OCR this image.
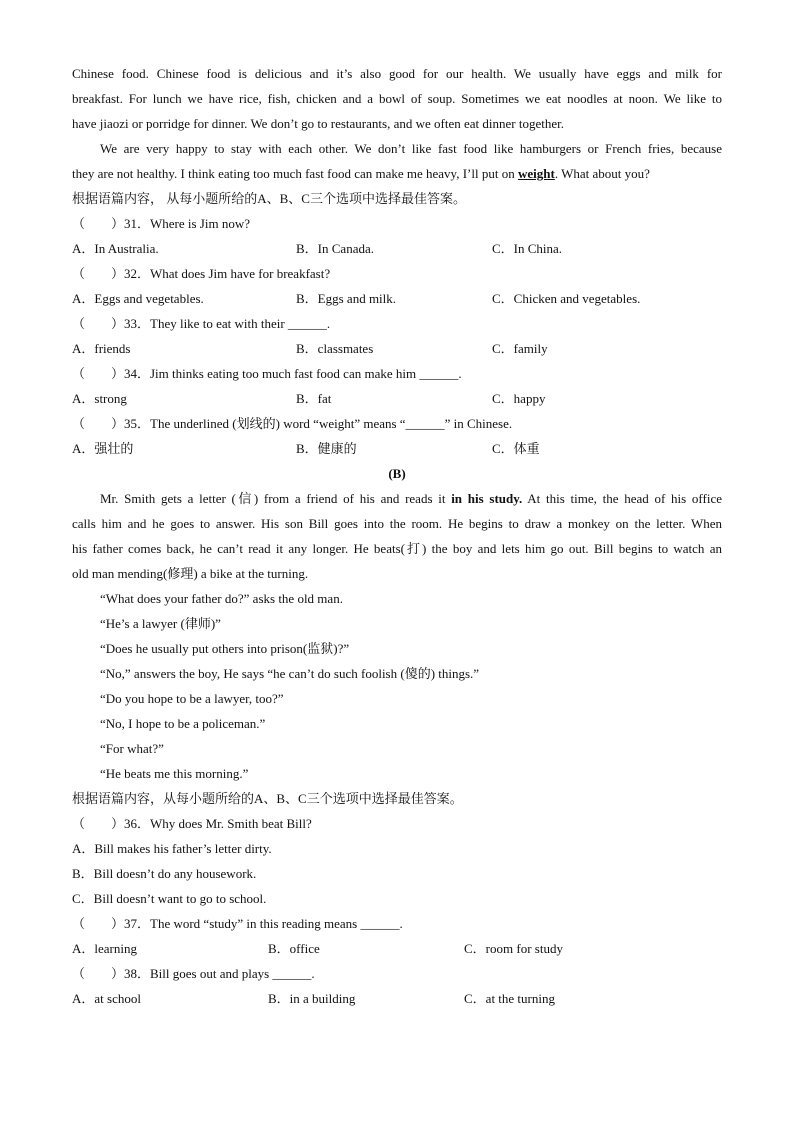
Chinese food. Chinese food is delicious and it’s also good for our health. We usually have eggs and milk for
breakfast. For lunch we have rice, fish, chicken and a bowl of soup. Sometimes we eat noodles at noon. We like to
have jiaozi or porridge for dinner. We don’t go to restaurants, and we often eat dinner together.
We are very happy to stay with each other. We don’t like fast food like hamburgers or French fries, because
they are not healthy. I think eating too much fast food can make me heavy, I’ll put on weight. What about you?
根据语篇内容， 从每小题所给的A、B、C三个选项中选择最佳答案。
（　　）31．Where is Jim now?
A．In Australia.	B．In Canada.	C．In China.
（　　）32．What does Jim have for breakfast?
A．Eggs and vegetables.	B．Eggs and milk.	C．Chicken and vegetables.
（　　）33．They like to eat with their ______.
A．friends	B．classmates	C．family
（　　）34．Jim thinks eating too much fast food can make him ______.
A．strong	B．fat	C．happy
（　　）35．The underlined (划线的) word “weight” means “______” in Chinese.
A．强壮的	B．健康的	C．体重
(B)
Mr. Smith gets a letter (信) from a friend of his and reads it in his study. At this time, the head of his office
calls him and he goes to answer. His son Bill goes into the room. He begins to draw a monkey on the letter. When
his father comes back, he can’t read it any longer. He beats(打) the boy and lets him go out. Bill begins to watch an
old man mending(修理) a bike at the turning.
“What does your father do?” asks the old man.
“He’s a lawyer (律师)”
“Does he usually put others into prison(监狱)?”
“No,” answers the boy, He says “he can’t do such foolish (傻的) things.”
“Do you hope to be a lawyer, too?”
“No, I hope to be a policeman.”
“For what?”
“He beats me this morning.”
根据语篇内容，从每小题所给的A、B、C三个选项中选择最佳答案。
（　　）36．Why does Mr. Smith beat Bill?
A．Bill makes his father’s letter dirty.
B．Bill doesn’t do any housework.
C．Bill doesn’t want to go to school.
（　　）37．The word “study” in this reading means ______.
A．learning	B．office	C．room for study
（　　）38．Bill goes out and plays ______.
A．at school	B．in a building	C．at the turning
